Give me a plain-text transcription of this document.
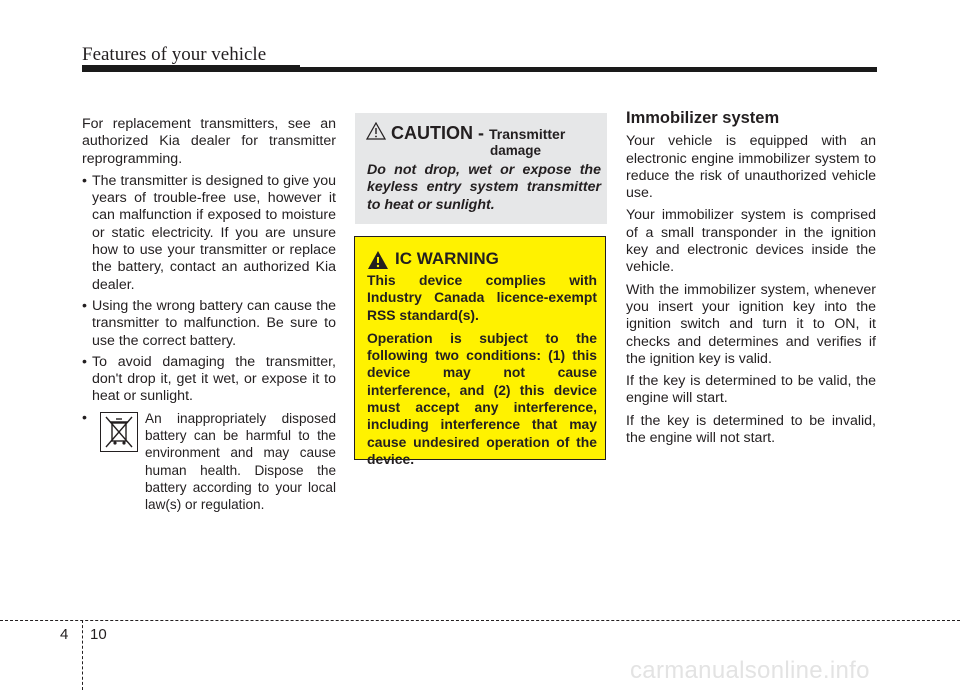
Features of your vehicle

For replacement transmitters, see an authorized Kia dealer for transmitter reprogramming.

• The transmitter is designed to give you years of trouble-free use, however it can malfunction if exposed to moisture or static electricity. If you are unsure how to use your transmitter or replace the battery, contact an authorized Kia dealer.
• Using the wrong battery can cause the transmitter to malfunction. Be sure to use the correct battery.
• To avoid damaging the transmitter, don't drop it, get it wet, or expose it to heat or sunlight.
•	An inappropriately disposed battery can be harmful to the environment and may cause human health. Dispose the battery according to your local law(s) or regulation.
CAUTION - Transmitter
damage
Do not drop, wet or expose the keyless entry system transmitter to heat or sunlight.
IC WARNING

This device complies with Industry Canada licence-exempt RSS standard(s).

Operation is subject to the following two conditions: (1) this device may not cause interference, and (2) this device must accept any interference, including interference that may cause undesired operation of the device.

Immobilizer system

Your vehicle is equipped with an electronic engine immobilizer system to reduce the risk of unauthorized vehicle use.

Your immobilizer system is comprised of a small transponder in the ignition key and electronic devices inside the vehicle.

With the immobilizer system, whenever you insert your ignition key into the ignition switch and turn it to ON, it checks and determines and verifies if the ignition key is valid.

If the key is determined to be valid, the engine will start.

If the key is determined to be invalid, the engine will not start.

4 10
carmanualsonline.info
